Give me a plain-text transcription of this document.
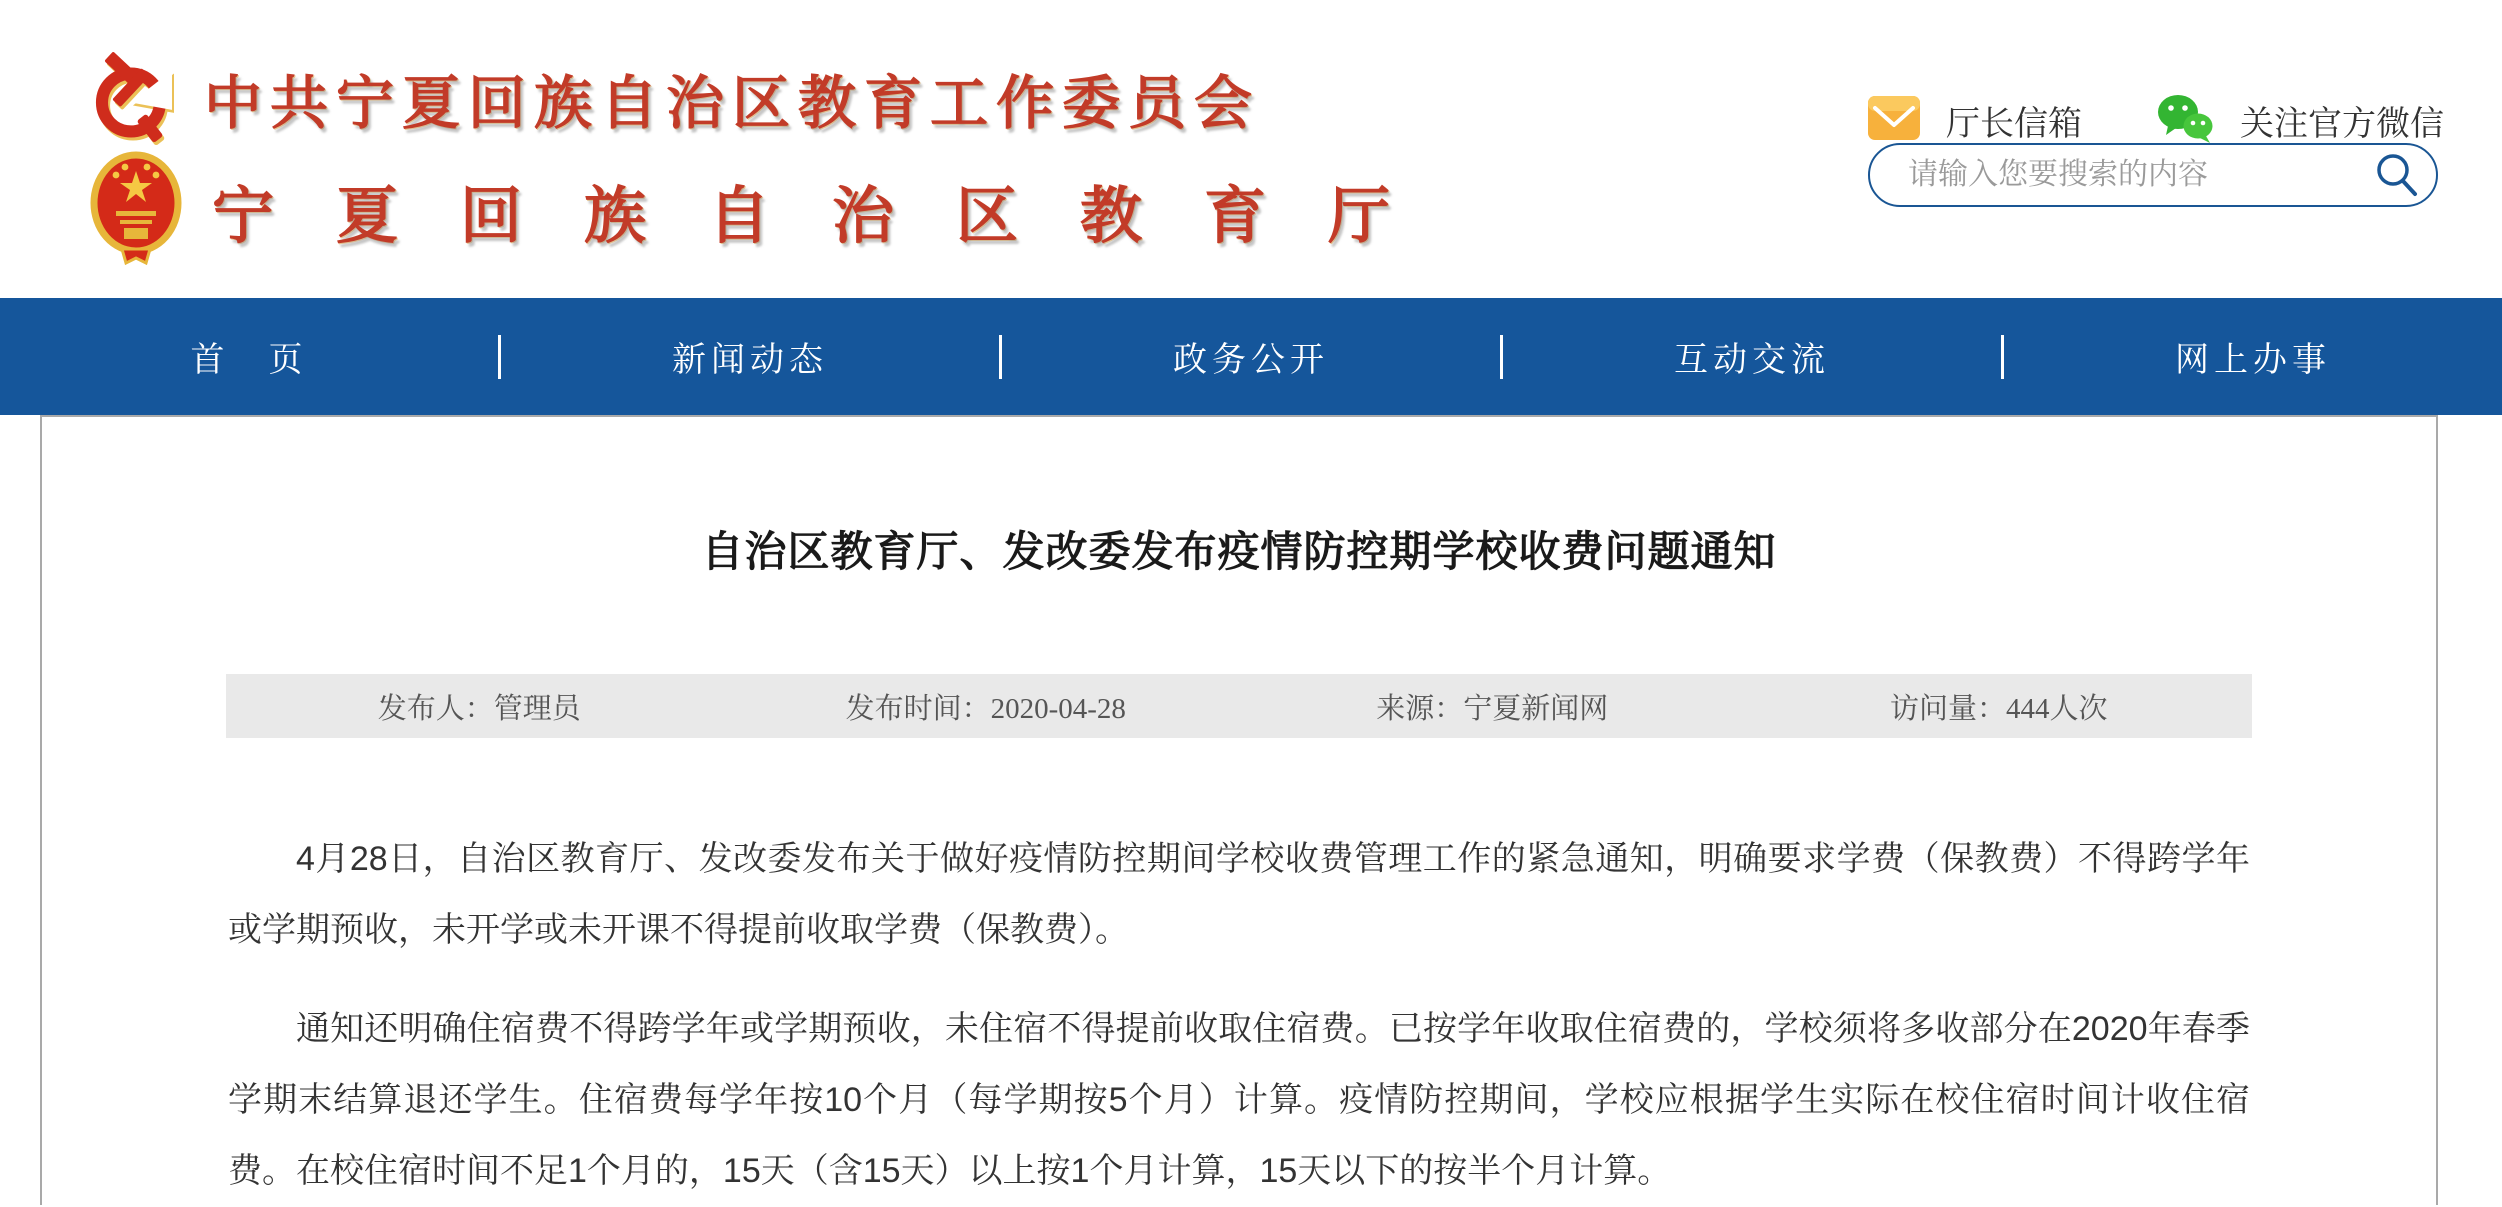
中共宁夏回族自治区教育工作委员会
宁夏回族自治区教育厅
厅长信箱	关注官方微信
请输入您要搜索的内容
首　页	新闻动态	政务公开	互动交流	网上办事
自治区教育厅、发改委发布疫情防控期学校收费问题通知
发布人：管理员	发布时间：2020-04-28	来源：宁夏新闻网	访问量：444人次

4月28日，自治区教育厅、发改委发布关于做好疫情防控期间学校收费管理工作的紧急通知，明确要求学费（保教费）不得跨学年或学期预收，未开学或未开课不得提前收取学费（保教费）。

通知还明确住宿费不得跨学年或学期预收，未住宿不得提前收取住宿费。已按学年收取住宿费的，学校须将多收部分在2020年春季学期末结算退还学生。住宿费每学年按10个月（每学期按5个月）计算。疫情防控期间，学校应根据学生实际在校住宿时间计收住宿费。在校住宿时间不足1个月的，15天（含15天）以上按1个月计算，15天以下的按半个月计算。
